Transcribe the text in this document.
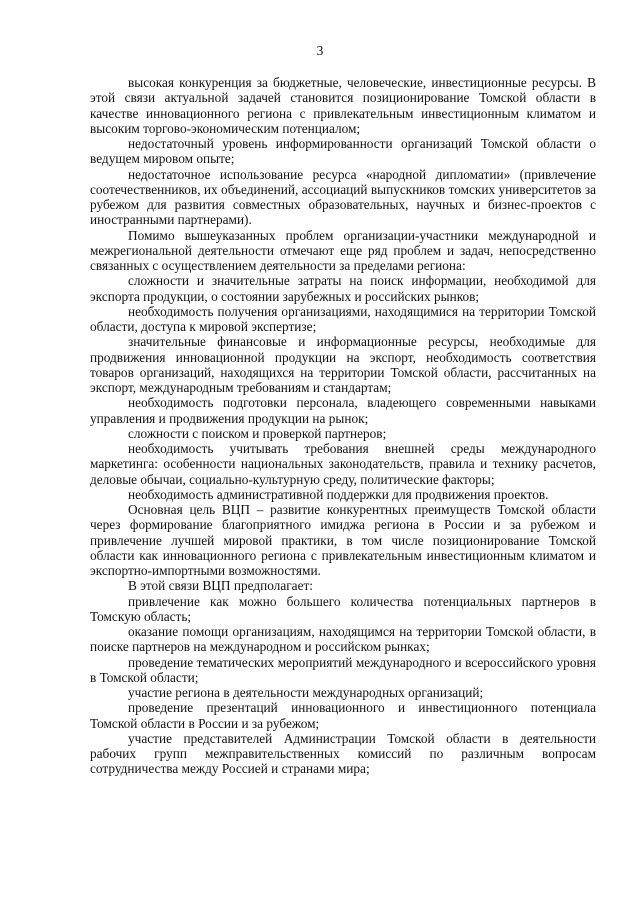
3

высокая конкуренция за бюджетные, человеческие, инвестиционные ресурсы. В этой связи актуальной задачей становится позиционирование Томской области в качестве инновационного региона с привлекательным инвестиционным климатом и высоким торгово-экономическим потенциалом;

недостаточный уровень информированности организаций Томской области о ведущем мировом опыте;

недостаточное использование ресурса «народной дипломатии» (привлечение соотечественников, их объединений, ассоциаций выпускников томских университетов за рубежом для развития совместных образовательных, научных и бизнес-проектов с иностранными партнерами).

Помимо вышеуказанных проблем организации-участники международной и межрегиональной деятельности отмечают еще ряд проблем и задач, непосредственно связанных с осуществлением деятельности за пределами региона:

сложности и значительные затраты на поиск информации, необходимой для экспорта продукции, о состоянии зарубежных и российских рынков;

необходимость получения организациями, находящимися на территории Томской области, доступа к мировой экспертизе;

значительные финансовые и информационные ресурсы, необходимые для продвижения инновационной продукции на экспорт, необходимость соответствия товаров организаций, находящихся на территории Томской области, рассчитанных на экспорт, международным требованиям и стандартам;

необходимость подготовки персонала, владеющего современными навыками управления и продвижения продукции на рынок;

сложности с поиском и проверкой партнеров;

необходимость учитывать требования внешней среды международного маркетинга: особенности национальных законодательств, правила и технику расчетов, деловые обычаи, социально-культурную среду, политические факторы;

необходимость административной поддержки для продвижения проектов.

Основная цель ВЦП – развитие конкурентных преимуществ Томской области через формирование благоприятного имиджа региона в России и за рубежом и привлечение лучшей мировой практики, в том числе позиционирование Томской области как инновационного региона с привлекательным инвестиционным климатом и экспортно-импортными возможностями.

В этой связи ВЦП предполагает:

привлечение как можно большего количества потенциальных партнеров в Томскую область;

оказание помощи организациям, находящимся на территории Томской области, в поиске партнеров на международном и российском рынках;

проведение тематических мероприятий международного и всероссийского уровня в Томской области;

участие региона в деятельности международных организаций;

проведение презентаций инновационного и инвестиционного потенциала Томской области в России и за рубежом;

участие представителей Администрации Томской области в деятельности рабочих групп межправительственных комиссий по различным вопросам сотрудничества между Россией и странами мира;
